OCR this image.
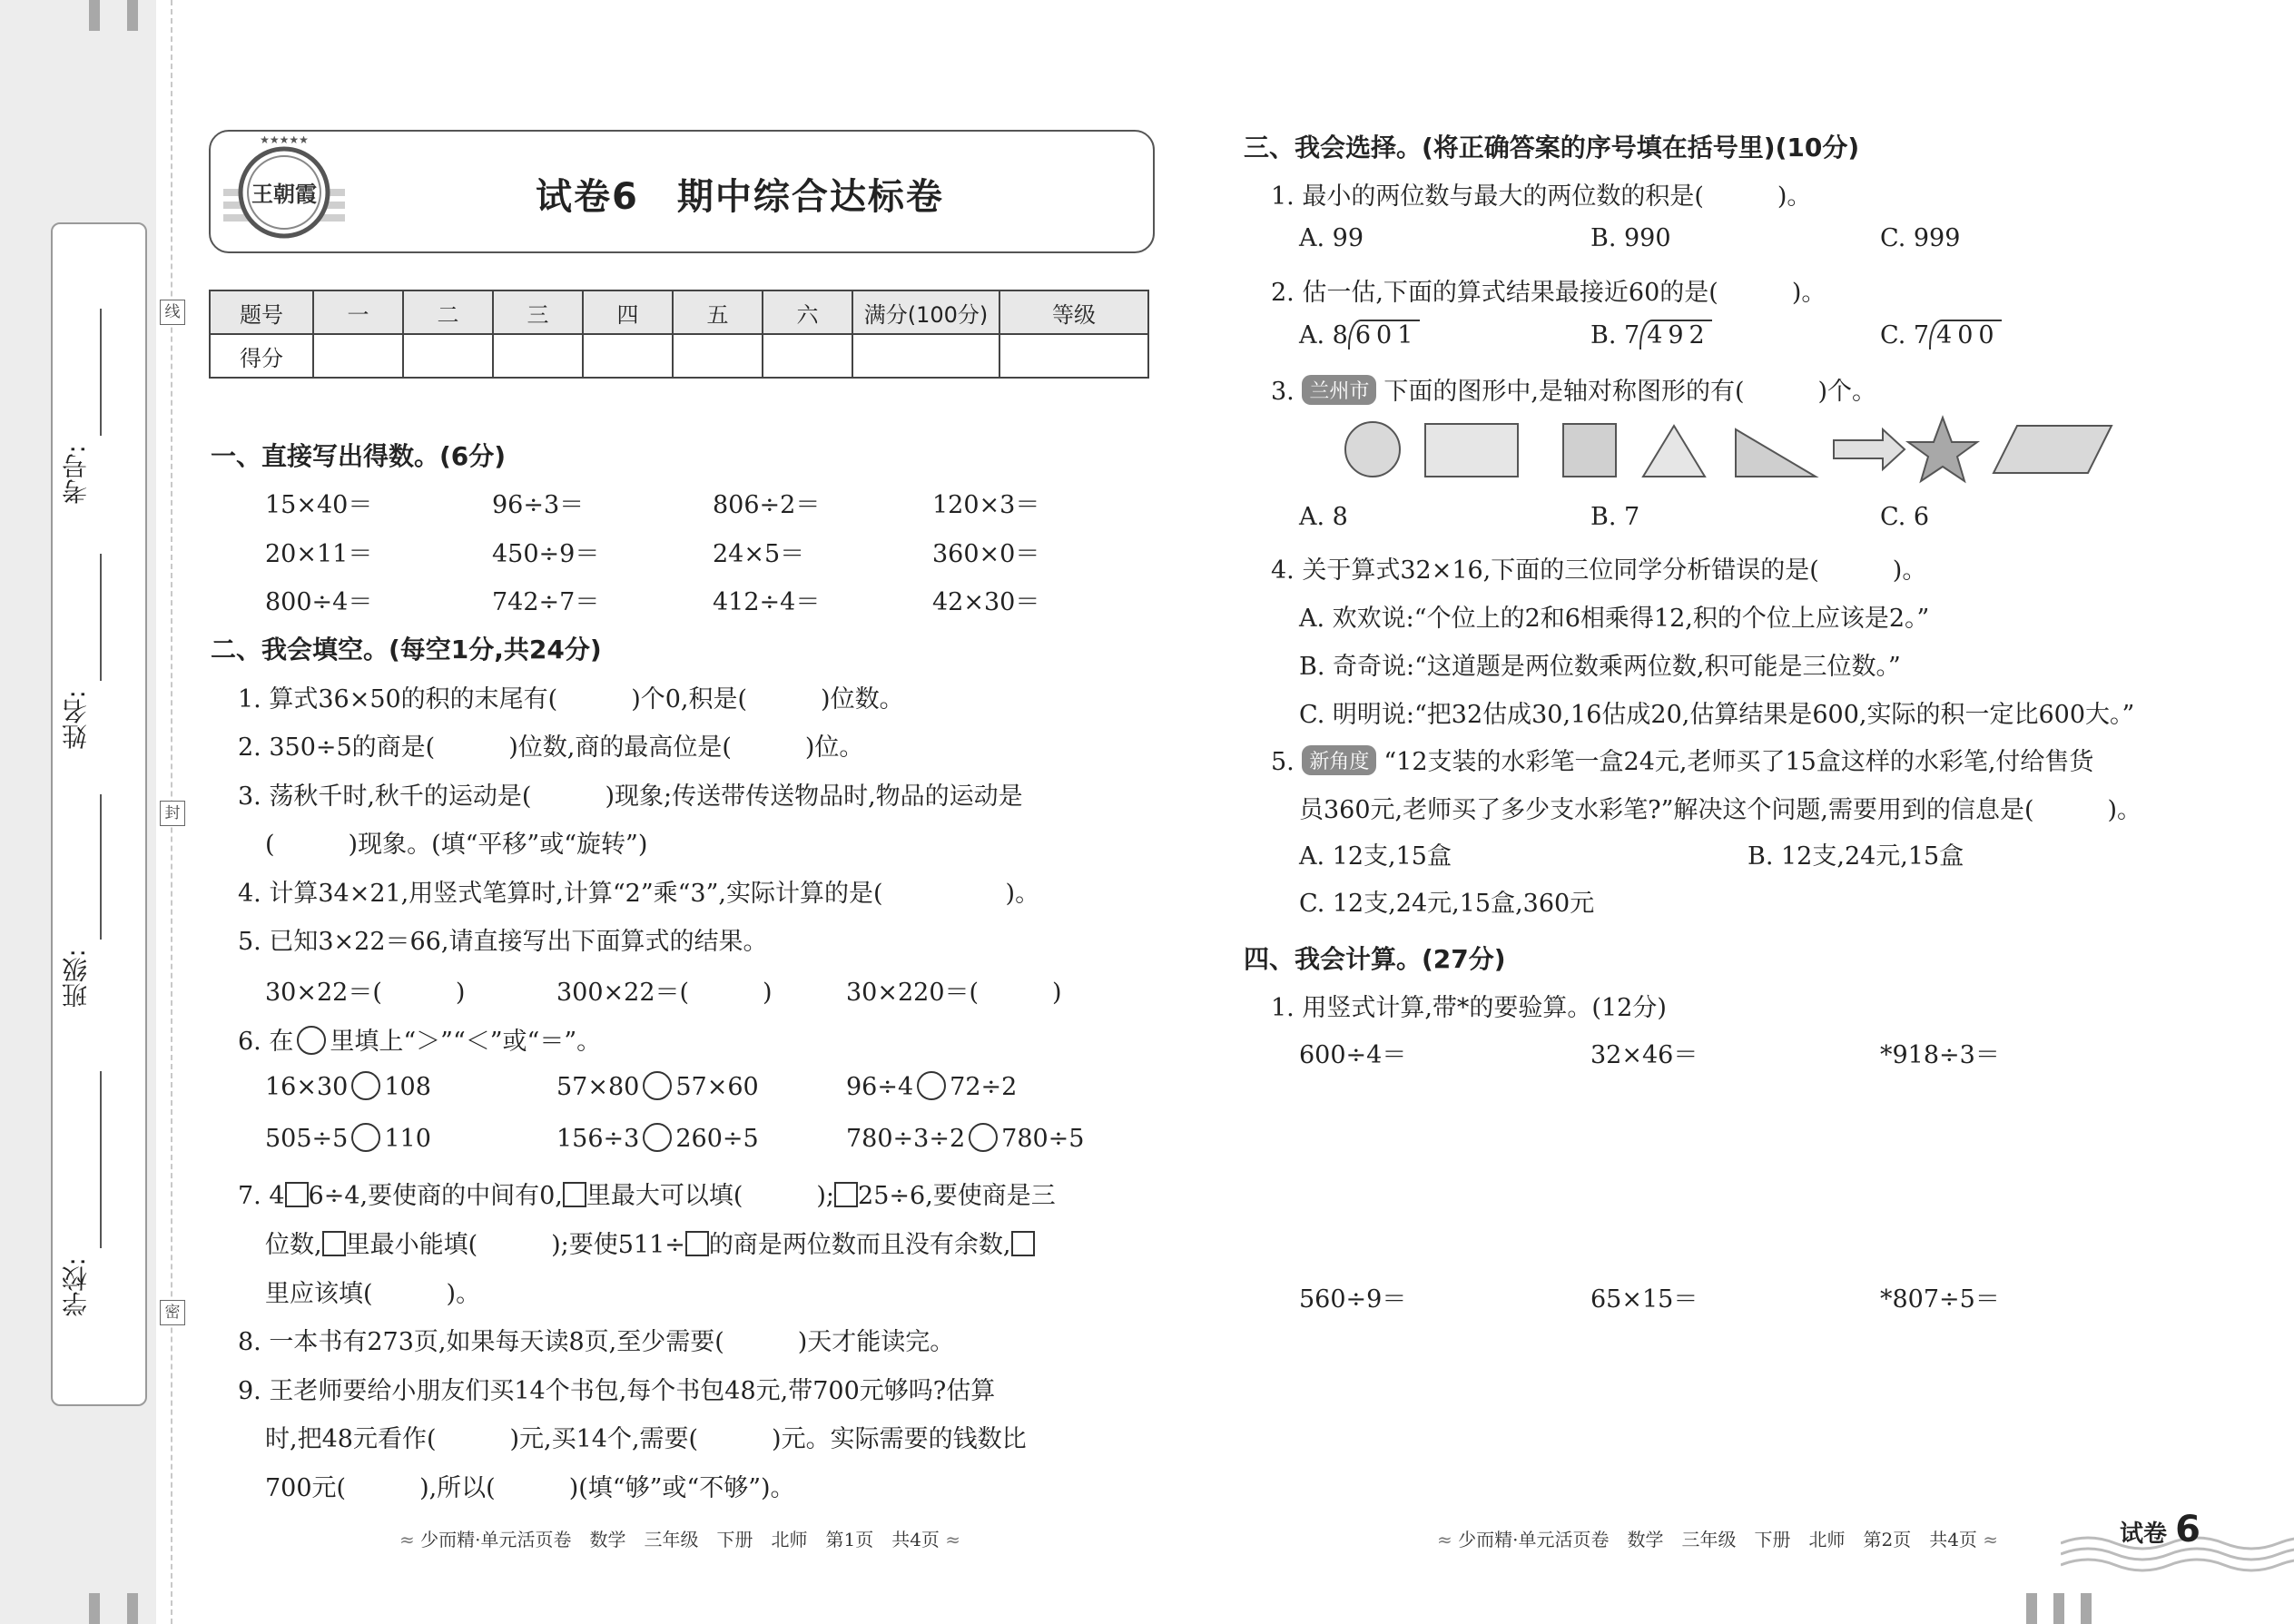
考号:
姓名:
班级:
学校:
线
封
密
★★★★★
王朝霞	试卷6　期中综合达标卷
题号	一	二	三	四	五	六	满分(100分)	等级
得分								
一、直接写出得数。(6分)
15×40＝	96÷3＝	806÷2＝	120×3＝
20×11＝	450÷9＝	24×5＝	360×0＝
800÷4＝	742÷7＝	412÷4＝	42×30＝
二、我会填空。(每空1分,共24分)
1. 算式36×50的积的末尾有(　　　)个0,积是(　　　)位数。
2. 350÷5的商是(　　　)位数,商的最高位是(　　　)位。
3. 荡秋千时,秋千的运动是(　　　)现象;传送带传送物品时,物品的运动是
(　　　)现象。(填“平移”或“旋转”)
4. 计算34×21,用竖式笔算时,计算“2”乘“3”,实际计算的是(　　　　　)。
5. 已知3×22＝66,请直接写出下面算式的结果。
30×22＝(　　　)	300×22＝(　　　)	30×220＝(　　　)
6. 在 里填上“＞”“＜”或“＝”。
16×30 108	57×80 57×60	96÷4 72÷2
505÷5 110	156÷3 260÷5	780÷3÷2 780÷5
7. 4 6÷4,要使商的中间有0, 里最大可以填(　　　); 25÷6,要使商是三
位数, 里最小能填(　　　);要使511÷ 的商是两位数而且没有余数,
里应该填(　　　)。
8. 一本书有273页,如果每天读8页,至少需要(　　　)天才能读完。
9. 王老师要给小朋友们买14个书包,每个书包48元,带700元够吗?估算
时,把48元看作(　　　)元,买14个,需要(　　　)元。实际需要的钱数比
700元(　　　),所以(　　　)(填“够”或“不够”)。
≈ 少而精·单元活页卷　数学　三年级　下册　北师　第1页　共4页 ≈
三、我会选择。(将正确答案的序号填在括号里)(10分)
1. 最小的两位数与最大的两位数的积是(　　　)。
A. 99	B. 990	C. 999
2. 估一估,下面的算式结果最接近60的是(　　　)。
A. 8 601	B. 7 492	C. 7 400
3. 兰州市 下面的图形中,是轴对称图形的有(　　　)个。
A. 8	B. 7	C. 6
4. 关于算式32×16,下面的三位同学分析错误的是(　　　)。
A. 欢欢说:“个位上的2和6相乘得12,积的个位上应该是2。”
B. 奇奇说:“这道题是两位数乘两位数,积可能是三位数。”
C. 明明说:“把32估成30,16估成20,估算结果是600,实际的积一定比600大。”
5. 新角度 “12支装的水彩笔一盒24元,老师买了15盒这样的水彩笔,付给售货
员360元,老师买了多少支水彩笔?”解决这个问题,需要用到的信息是(　　　)。
A. 12支,15盒	B. 12支,24元,15盒
C. 12支,24元,15盒,360元
四、我会计算。(27分)
1. 用竖式计算,带*的要验算。(12分)
600÷4＝	32×46＝	*918÷3＝
560÷9＝	65×15＝	*807÷5＝
≈ 少而精·单元活页卷　数学　三年级　下册　北师　第2页　共4页 ≈	试卷 6
